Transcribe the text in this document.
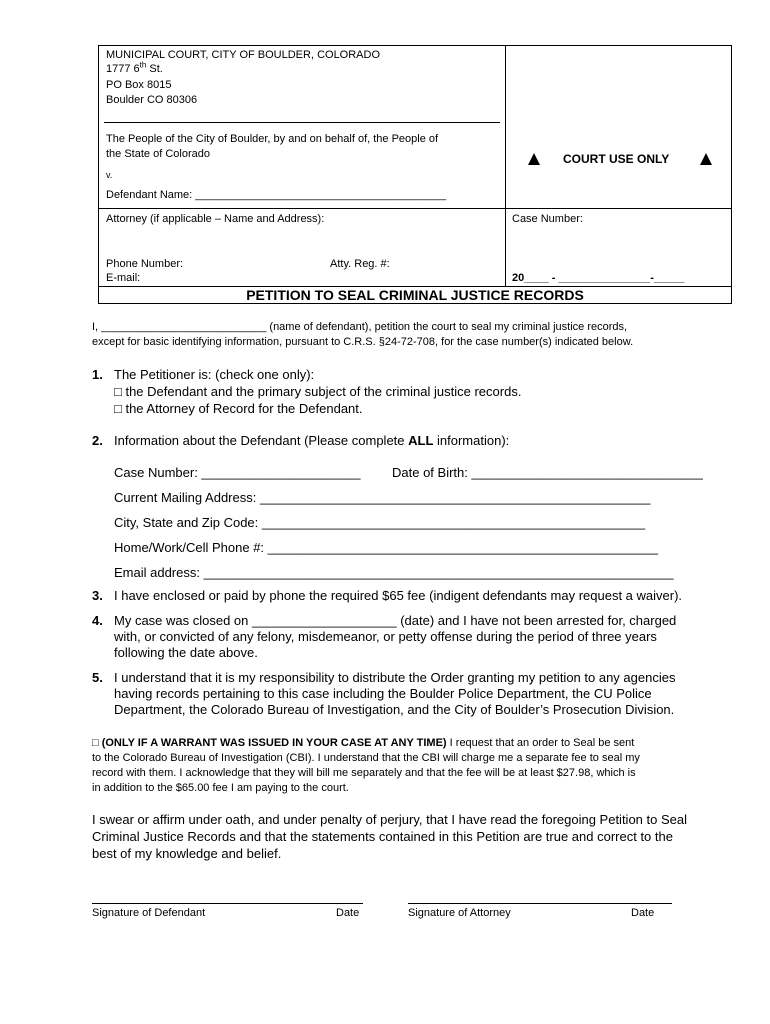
MUNICIPAL COURT, CITY OF BOULDER, COLORADO
1777 6th St.
PO Box 8015
Boulder CO 80306
The People of the City of Boulder, by and on behalf of, the People of
the State of Colorado
v.
Defendant Name: _________________________________________
Attorney (if applicable – Name and Address):
Phone Number:	Atty. Reg. #:
E-mail:
COURT USE ONLY
Case Number:
20____ - _______________-_____
PETITION TO SEAL CRIMINAL JUSTICE RECORDS
I, ___________________________ (name of defendant), petition the court to seal my criminal justice records,
except for basic identifying information, pursuant to C.R.S. §24-72-708, for the case number(s) indicated below.
1. The Petitioner is: (check one only):
□ the Defendant and the primary subject of the criminal justice records.
□ the Attorney of Record for the Defendant.
2. Information about the Defendant (Please complete ALL information):
Case Number: ______________________ Date of Birth: ________________________________
Current Mailing Address: ______________________________________________________
City, State and Zip Code: _____________________________________________________
Home/Work/Cell Phone #: ______________________________________________________
Email address: _________________________________________________________________
3. I have enclosed or paid by phone the required $65 fee (indigent defendants may request a waiver).
4. My case was closed on ____________________ (date) and I have not been arrested for, charged
with, or convicted of any felony, misdemeanor, or petty offense during the period of three years
following the date above.
5. I understand that it is my responsibility to distribute the Order granting my petition to any agencies
having records pertaining to this case including the Boulder Police Department, the CU Police
Department, the Colorado Bureau of Investigation, and the City of Boulder’s Prosecution Division.
□ (ONLY IF A WARRANT WAS ISSUED IN YOUR CASE AT ANY TIME) I request that an order to Seal be sent
to the Colorado Bureau of Investigation (CBI). I understand that the CBI will charge me a separate fee to seal my
record with them. I acknowledge that they will bill me separately and that the fee will be at least $27.98, which is
in addition to the $65.00 fee I am paying to the court.
I swear or affirm under oath, and under penalty of perjury, that I have read the foregoing Petition to Seal
Criminal Justice Records and that the statements contained in this Petition are true and correct to the
best of my knowledge and belief.
Signature of Defendant	Date	Signature of Attorney	Date
